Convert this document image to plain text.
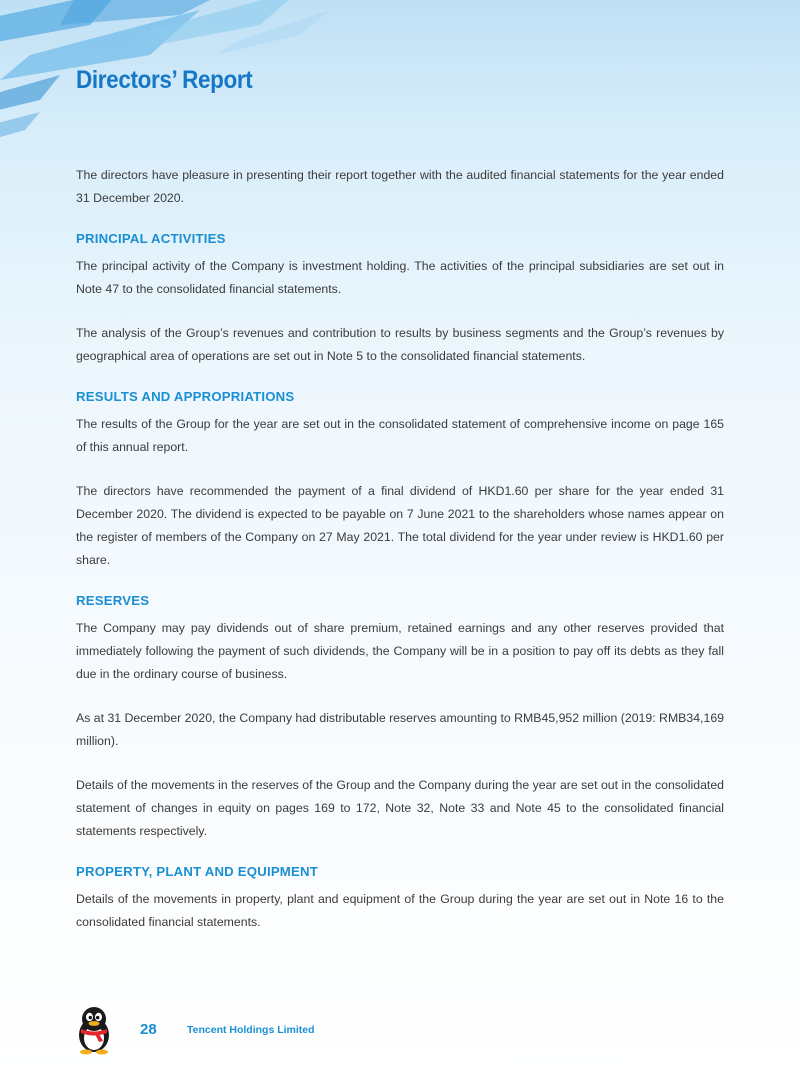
Directors’ Report

The directors have pleasure in presenting their report together with the audited financial statements for the year ended 31 December 2020.

PRINCIPAL ACTIVITIES

The principal activity of the Company is investment holding. The activities of the principal subsidiaries are set out in Note 47 to the consolidated financial statements.

The analysis of the Group’s revenues and contribution to results by business segments and the Group’s revenues by geographical area of operations are set out in Note 5 to the consolidated financial statements.

RESULTS AND APPROPRIATIONS

The results of the Group for the year are set out in the consolidated statement of comprehensive income on page 165 of this annual report.

The directors have recommended the payment of a final dividend of HKD1.60 per share for the year ended 31 December 2020. The dividend is expected to be payable on 7 June 2021 to the shareholders whose names appear on the register of members of the Company on 27 May 2021. The total dividend for the year under review is HKD1.60 per share.

RESERVES

The Company may pay dividends out of share premium, retained earnings and any other reserves provided that immediately following the payment of such dividends, the Company will be in a position to pay off its debts as they fall due in the ordinary course of business.

As at 31 December 2020, the Company had distributable reserves amounting to RMB45,952 million (2019: RMB34,169 million).

Details of the movements in the reserves of the Group and the Company during the year are set out in the consolidated statement of changes in equity on pages 169 to 172, Note 32, Note 33 and Note 45 to the consolidated financial statements respectively.

PROPERTY, PLANT AND EQUIPMENT

Details of the movements in property, plant and equipment of the Group during the year are set out in Note 16 to the consolidated financial statements.

28	Tencent Holdings Limited
